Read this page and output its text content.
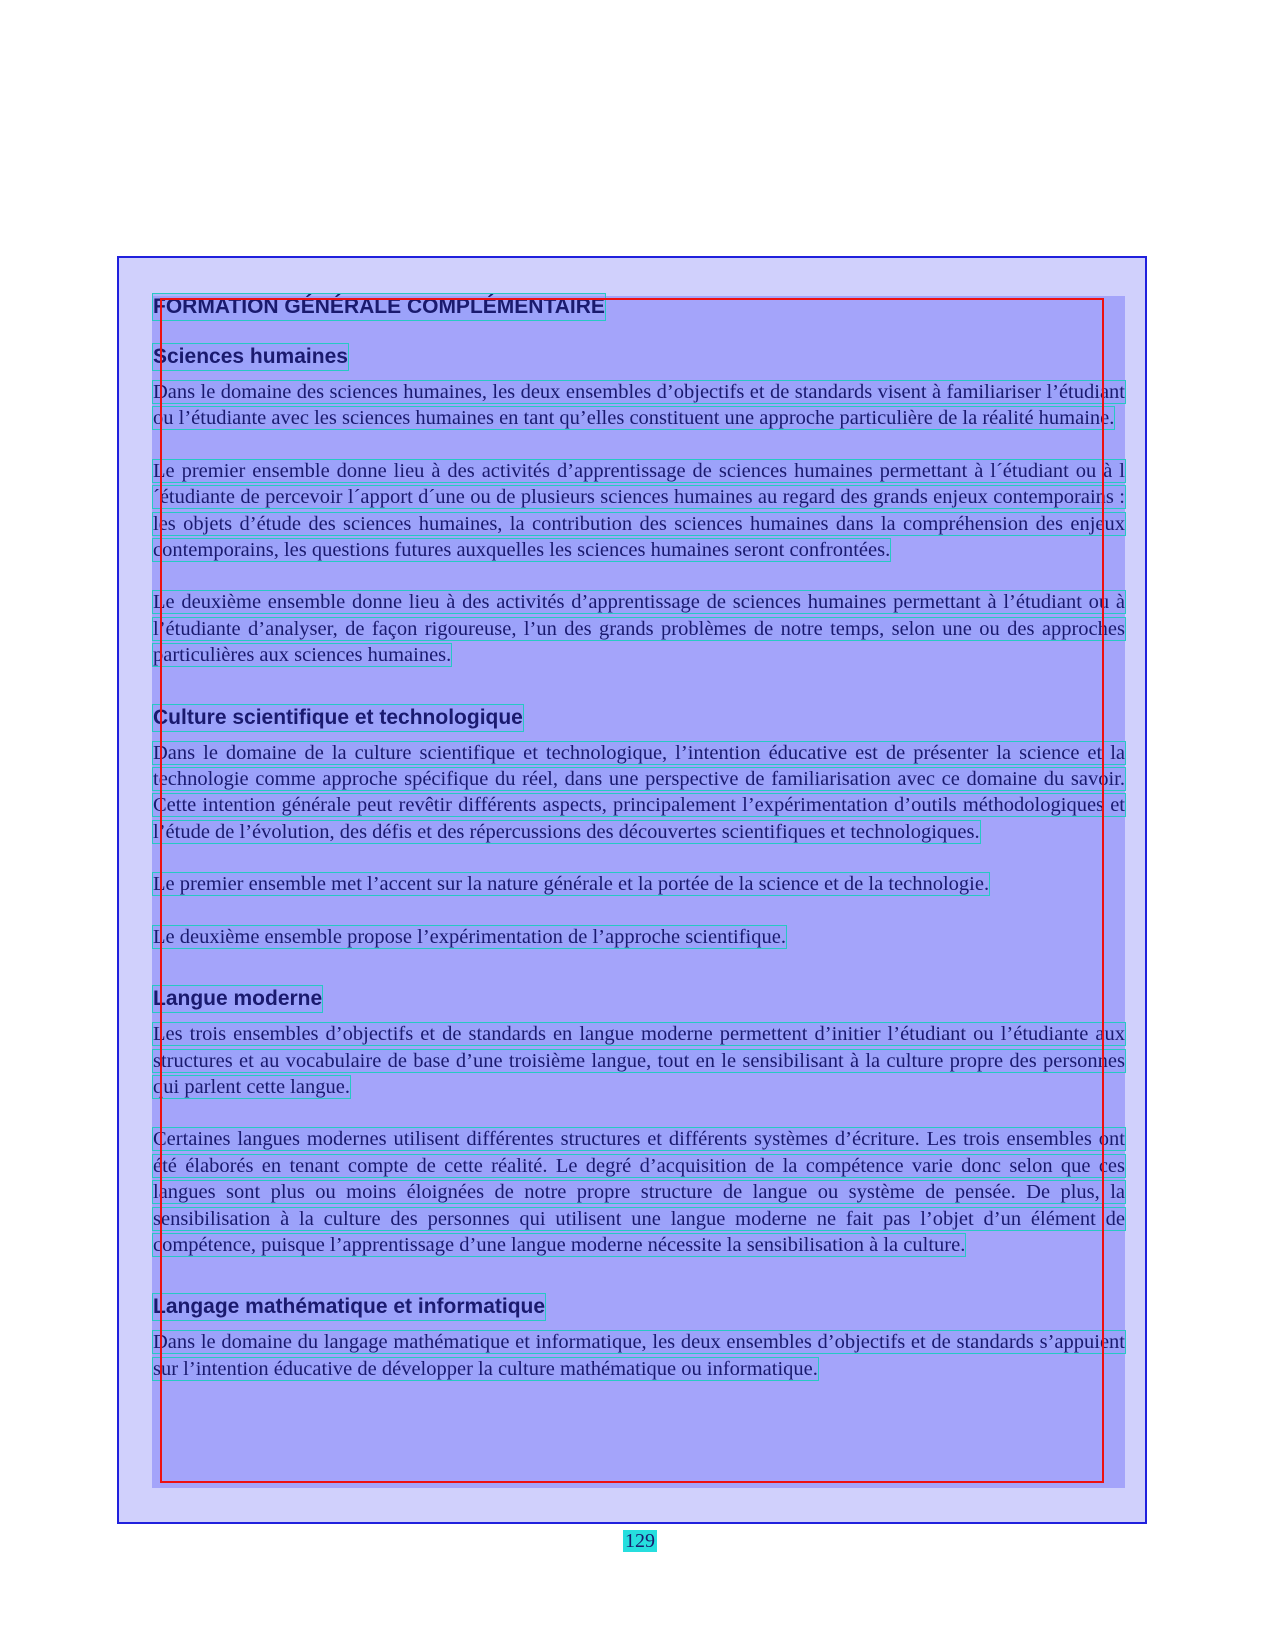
FORMATION GÉNÉRALE COMPLÉMENTAIRE
Sciences humaines

Dans le domaine des sciences humaines, les deux ensembles d’objectifs et de standards visent à familiariser l’étudiant ou l’étudiante avec les sciences humaines en tant qu’elles constituent une approche particulière de la réalité humaine.

Le premier ensemble donne lieu à des activités d’apprentissage de sciences humaines permettant à l´étudiant ou à l´étudiante de percevoir l´apport d´une ou de plusieurs sciences humaines au regard des grands enjeux contemporains : les objets d’étude des sciences humaines, la contribution des sciences humaines dans la compréhension des enjeux contemporains, les questions futures auxquelles les sciences humaines seront confrontées.

Le deuxième ensemble donne lieu à des activités d’apprentissage de sciences humaines permettant à l’étudiant ou à l’étudiante d’analyser, de façon rigoureuse, l’un des grands problèmes de notre temps, selon une ou des approches particulières aux sciences humaines.

Culture scientifique et technologique

Dans le domaine de la culture scientifique et technologique, l’intention éducative est de présenter la science et la technologie comme approche spécifique du réel, dans une perspective de familiarisation avec ce domaine du savoir. Cette intention générale peut revêtir différents aspects, principalement l’expérimentation d’outils méthodologiques et l’étude de l’évolution, des défis et des répercussions des découvertes scientifiques et technologiques.

Le premier ensemble met l’accent sur la nature générale et la portée de la science et de la technologie.

Le deuxième ensemble propose l’expérimentation de l’approche scientifique.

Langue moderne

Les trois ensembles d’objectifs et de standards en langue moderne permettent d’initier l’étudiant ou l’étudiante aux structures et au vocabulaire de base d’une troisième langue, tout en le sensibilisant à la culture propre des personnes qui parlent cette langue.

Certaines langues modernes utilisent différentes structures et différents systèmes d’écriture. Les trois ensembles ont été élaborés en tenant compte de cette réalité. Le degré d’acquisition de la compétence varie donc selon que ces langues sont plus ou moins éloignées de notre propre structure de langue ou système de pensée. De plus, la sensibilisation à la culture des personnes qui utilisent une langue moderne ne fait pas l’objet d’un élément de compétence, puisque l’apprentissage d’une langue moderne nécessite la sensibilisation à la culture.

Langage mathématique et informatique

Dans le domaine du langage mathématique et informatique, les deux ensembles d’objectifs et de standards s’appuient sur l’intention éducative de développer la culture mathématique ou informatique.

129
